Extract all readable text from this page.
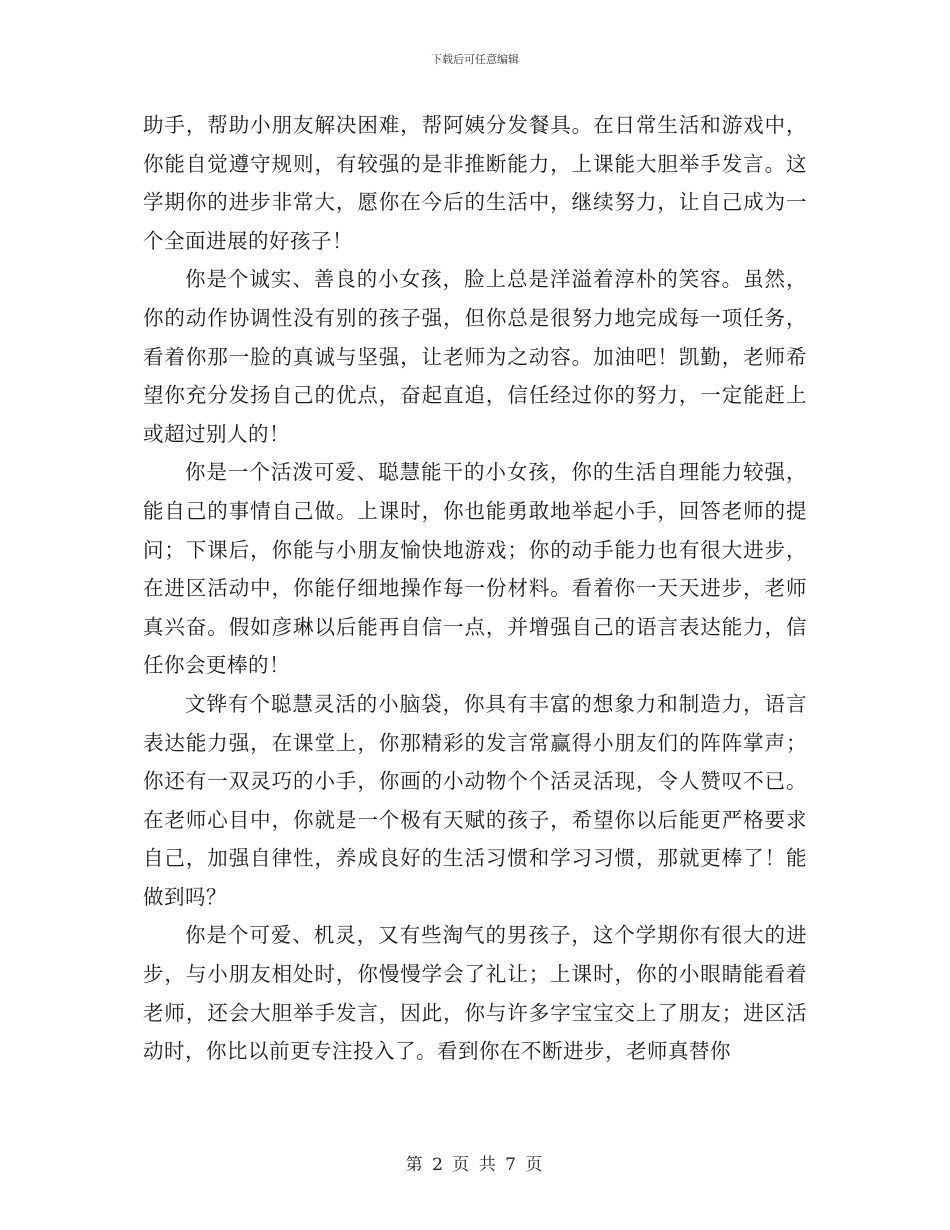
下载后可任意编辑

助手，帮助小朋友解决困难，帮阿姨分发餐具。在日常生活和游戏中，你能自觉遵守规则，有较强的是非推断能力，上课能大胆举手发言。这学期你的进步非常大，愿你在今后的生活中，继续努力，让自己成为一个全面进展的好孩子！

你是个诚实、善良的小女孩，脸上总是洋溢着淳朴的笑容。虽然，你的动作协调性没有别的孩子强，但你总是很努力地完成每一项任务，看着你那一脸的真诚与坚强，让老师为之动容。加油吧！凯勤，老师希望你充分发扬自己的优点，奋起直追，信任经过你的努力，一定能赶上或超过别人的！

你是一个活泼可爱、聪慧能干的小女孩，你的生活自理能力较强，能自己的事情自己做。上课时，你也能勇敢地举起小手，回答老师的提问；下课后，你能与小朋友愉快地游戏；你的动手能力也有很大进步，在进区活动中，你能仔细地操作每一份材料。看着你一天天进步，老师真兴奋。假如彦琳以后能再自信一点，并增强自己的语言表达能力，信任你会更棒的！

文铧有个聪慧灵活的小脑袋，你具有丰富的想象力和制造力，语言表达能力强，在课堂上，你那精彩的发言常赢得小朋友们的阵阵掌声；你还有一双灵巧的小手，你画的小动物个个活灵活现，令人赞叹不已。在老师心目中，你就是一个极有天赋的孩子，希望你以后能更严格要求自己，加强自律性，养成良好的生活习惯和学习习惯，那就更棒了！能做到吗？

你是个可爱、机灵，又有些淘气的男孩子，这个学期你有很大的进步，与小朋友相处时，你慢慢学会了礼让；上课时，你的小眼睛能看着老师，还会大胆举手发言，因此，你与许多字宝宝交上了朋友；进区活动时，你比以前更专注投入了。看到你在不断进步，老师真替你

第 2 页 共 7 页
